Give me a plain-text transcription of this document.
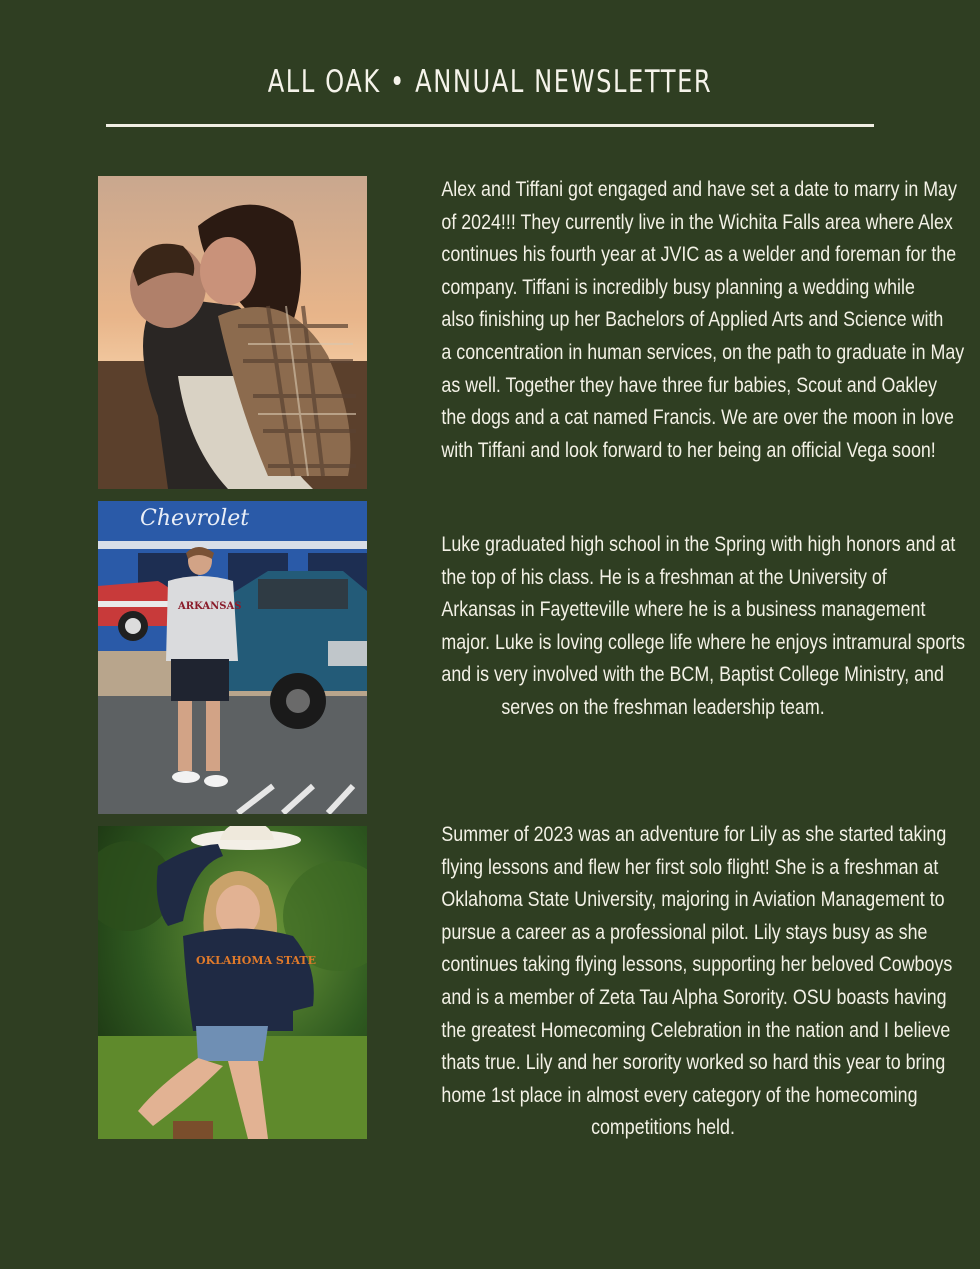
ALL OAK • ANNUAL NEWSLETTER
Chevrolet
ARKANSAS
OKLAHOMA STATE
Alex and Tiffani got engaged and have set a date to marry in May
of 2024!!! They currently live in the Wichita Falls area where Alex
continues his fourth year at JVIC as a welder and foreman for the
company. Tiffani is incredibly busy planning a wedding while
also finishing up her Bachelors of Applied Arts and Science with
a concentration in human services, on the path to graduate in May
as well. Together they have three fur babies, Scout and Oakley
the dogs and a cat named Francis. We are over the moon in love
with Tiffani and look forward to her being an official Vega soon!
Luke graduated high school in the Spring with high honors and at
the top of his class. He is a freshman at the University of
Arkansas in Fayetteville where he is a business management
major. Luke is loving college life where he enjoys intramural sports
and is very involved with the BCM, Baptist College Ministry, and
serves on the freshman leadership team.
Summer of 2023 was an adventure for Lily as she started taking
flying lessons and flew her first solo flight! She is a freshman at
Oklahoma State University, majoring in Aviation Management to
pursue a career as a professional pilot. Lily stays busy as she
continues taking flying lessons, supporting her beloved Cowboys
and is a member of Zeta Tau Alpha Sorority. OSU boasts having
the greatest Homecoming Celebration in the nation and I believe
thats true. Lily and her sorority worked so hard this year to bring
home 1st place in almost every category of the homecoming
competitions held.
